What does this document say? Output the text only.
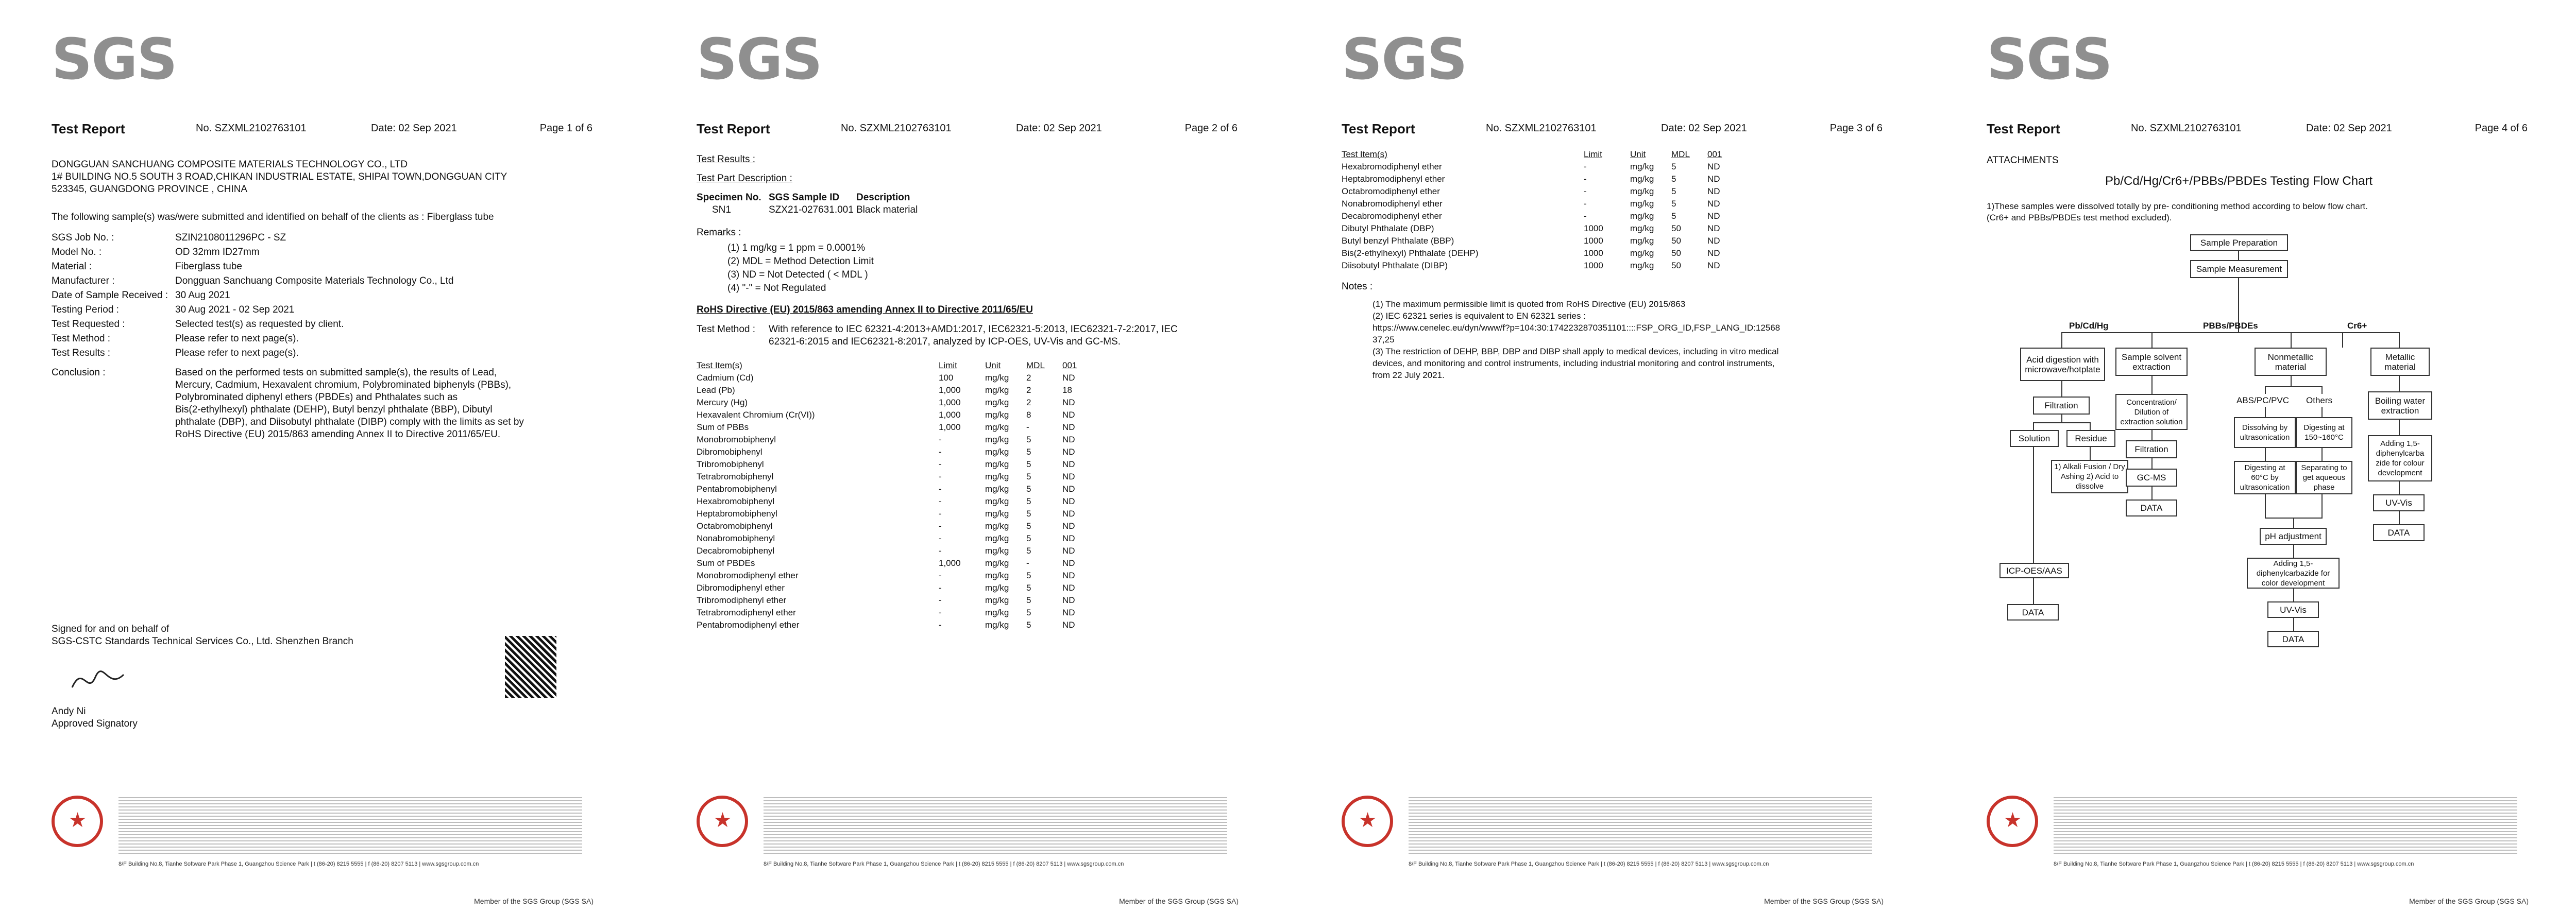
SGS
Test Report	No. SZXML2102763101	Date: 02 Sep 2021	Page 1 of 6
DONGGUAN SANCHUANG COMPOSITE MATERIALS TECHNOLOGY CO., LTD
1# BUILDING NO.5 SOUTH 3 ROAD,CHIKAN INDUSTRIAL ESTATE, SHIPAI TOWN,DONGGUAN CITY
523345, GUANGDONG PROVINCE , CHINA
The following sample(s) was/were submitted and identified on behalf of the clients as : Fiberglass tube
SGS Job No. :	SZIN2108011296PC - SZ
Model No. :	OD 32mm ID27mm
Material :	Fiberglass tube
Manufacturer :	Dongguan Sanchuang Composite Materials Technology Co., Ltd
Date of Sample Received : 30 Aug 2021
Testing Period :	30 Aug 2021 - 02 Sep 2021
Test Requested :	Selected test(s) as requested by client.
Test Method :	Please refer to next page(s).
Test Results :	Please refer to next page(s).
Conclusion :	Based on the performed tests on submitted sample(s), the results of Lead,
Mercury, Cadmium, Hexavalent chromium, Polybrominated biphenyls (PBBs),
Polybrominated diphenyl ethers (PBDEs) and Phthalates such as
Bis(2-ethylhexyl) phthalate (DEHP), Butyl benzyl phthalate (BBP), Dibutyl
phthalate (DBP), and Diisobutyl phthalate (DIBP) comply with the limits as set by
RoHS Directive (EU) 2015/863 amending Annex II to Directive 2011/65/EU.
Signed for and on behalf of
SGS-CSTC Standards Technical Services Co., Ltd. Shenzhen Branch
Andy Ni
Approved Signatory
★
8/F Building No.8, Tianhe Software Park Phase 1, Guangzhou Science Park | t (86-20) 8215 5555 | f (86-20) 8207 5113 | www.sgsgroup.com.cn
Member of the SGS Group (SGS SA)
SGS
Test Report	No. SZXML2102763101	Date: 02 Sep 2021	Page 2 of 6
Test Results :
Test Part Description :
Specimen No. SGS Sample ID Description
SN1	SZX21-027631.001 Black material
Remarks :
(1) 1 mg/kg = 1 ppm = 0.0001%
(2) MDL = Method Detection Limit
(3) ND = Not Detected ( < MDL )
(4) "-" = Not Regulated
RoHS Directive (EU) 2015/863 amending Annex II to Directive 2011/65/EU
Test Method : With reference to IEC 62321-4:2013+AMD1:2017, IEC62321-5:2013, IEC62321-7-2:2017, IEC
62321-6:2015 and IEC62321-8:2017, analyzed by ICP-OES, UV-Vis and GC-MS.
Test Item(s)	Limit	Unit	MDL	001
Cadmium (Cd)	100	mg/kg	2	ND
Lead (Pb)	1,000	mg/kg	2	18
Mercury (Hg)	1,000	mg/kg	2	ND
Hexavalent Chromium (Cr(VI))	1,000	mg/kg	8	ND
Sum of PBBs	1,000	mg/kg	-	ND
Monobromobiphenyl	-	mg/kg	5	ND
Dibromobiphenyl	-	mg/kg	5	ND
Tribromobiphenyl	-	mg/kg	5	ND
Tetrabromobiphenyl	-	mg/kg	5	ND
Pentabromobiphenyl	-	mg/kg	5	ND
Hexabromobiphenyl	-	mg/kg	5	ND
Heptabromobiphenyl	-	mg/kg	5	ND
Octabromobiphenyl	-	mg/kg	5	ND
Nonabromobiphenyl	-	mg/kg	5	ND
Decabromobiphenyl	-	mg/kg	5	ND
Sum of PBDEs	1,000	mg/kg	-	ND
Monobromodiphenyl ether	-	mg/kg	5	ND
Dibromodiphenyl ether	-	mg/kg	5	ND
Tribromodiphenyl ether	-	mg/kg	5	ND
Tetrabromodiphenyl ether	-	mg/kg	5	ND
Pentabromodiphenyl ether	-	mg/kg	5	ND
★
8/F Building No.8, Tianhe Software Park Phase 1, Guangzhou Science Park | t (86-20) 8215 5555 | f (86-20) 8207 5113 | www.sgsgroup.com.cn
Member of the SGS Group (SGS SA)
SGS
Test Report	No. SZXML2102763101	Date: 02 Sep 2021	Page 3 of 6
Test Item(s)	Limit	Unit	MDL	001
Hexabromodiphenyl ether	-	mg/kg	5	ND
Heptabromodiphenyl ether	-	mg/kg	5	ND
Octabromodiphenyl ether	-	mg/kg	5	ND
Nonabromodiphenyl ether	-	mg/kg	5	ND
Decabromodiphenyl ether	-	mg/kg	5	ND
Dibutyl Phthalate (DBP)	1000	mg/kg	50	ND
Butyl benzyl Phthalate (BBP)	1000	mg/kg	50	ND
Bis(2-ethylhexyl) Phthalate (DEHP)	1000	mg/kg	50	ND
Diisobutyl Phthalate (DIBP)	1000	mg/kg	50	ND
Notes :
(1) The maximum permissible limit is quoted from RoHS Directive (EU) 2015/863
(2) IEC 62321 series is equivalent to EN 62321 series :
https://www.cenelec.eu/dyn/www/f?p=104:30:1742232870351101::::FSP_ORG_ID,FSP_LANG_ID:12568
37,25
(3) The restriction of DEHP, BBP, DBP and DIBP shall apply to medical devices, including in vitro medical
devices, and monitoring and control instruments, including industrial monitoring and control instruments,
from 22 July 2021.
★
8/F Building No.8, Tianhe Software Park Phase 1, Guangzhou Science Park | t (86-20) 8215 5555 | f (86-20) 8207 5113 | www.sgsgroup.com.cn
Member of the SGS Group (SGS SA)
SGS
Test Report	No. SZXML2102763101	Date: 02 Sep 2021	Page 4 of 6
ATTACHMENTS
Pb/Cd/Hg/Cr6+/PBBs/PBDEs Testing Flow Chart
1)These samples were dissolved totally by pre- conditioning method according to below flow chart.
(Cr6+ and PBBs/PBDEs test method excluded).
Sample Preparation
Sample Measurement
Pb/Cd/Hg	PBBs/PBDEs	Cr6+
Acid digestion with microwave/hotplate
Filtration
Solution	Residue
1) Alkali Fusion / Dry Ashing 2) Acid to dissolve
ICP-OES/AAS
DATA
Sample solvent extraction
Concentration/ Dilution of extraction solution
Filtration
GC-MS
DATA
Nonmetallic material
ABS/PC/PVC Others
Dissolving by ultrasonication
Digesting at 150~160°C
Digesting at 60°C by ultrasonication
Separating to get aqueous phase
pH adjustment
Adding 1,5-diphenylcarbazide for color development
UV-Vis
DATA
Metallic material
Boiling water extraction
Adding 1,5-diphenylcarba zide for colour development
UV-Vis
DATA
★
8/F Building No.8, Tianhe Software Park Phase 1, Guangzhou Science Park | t (86-20) 8215 5555 | f (86-20) 8207 5113 | www.sgsgroup.com.cn
Member of the SGS Group (SGS SA)
